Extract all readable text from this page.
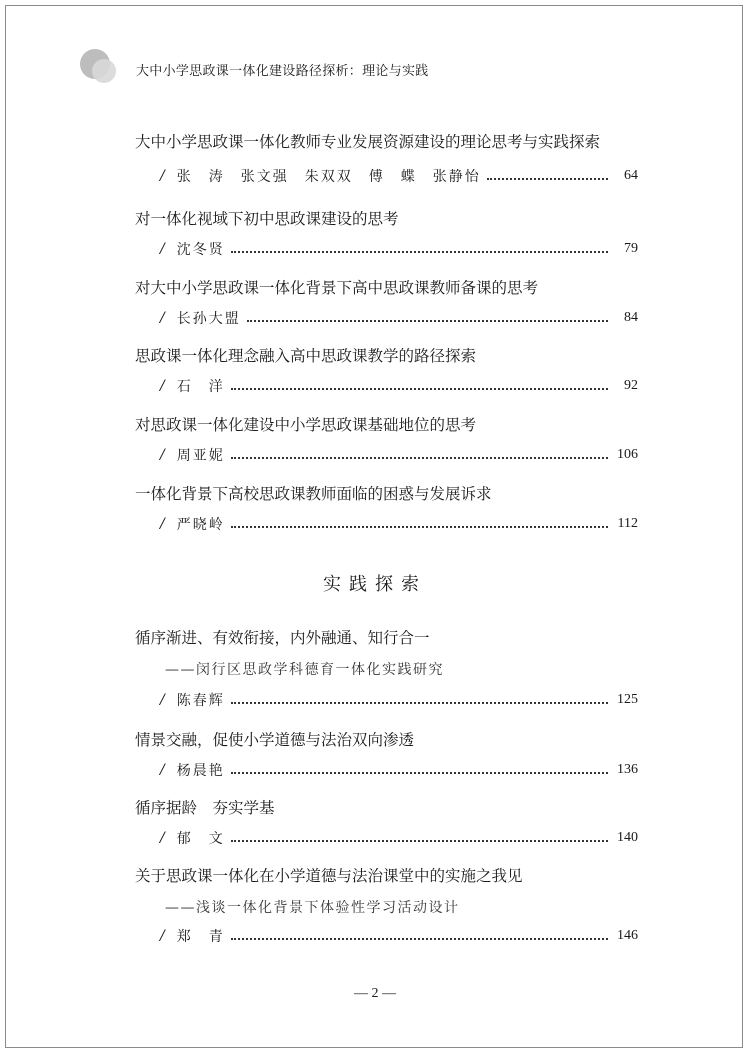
大中小学思政课一体化建设路径探析：理论与实践
大中小学思政课一体化教师专业发展资源建设的理论思考与实践探索
/ 张　涛　张文强　朱双双　傅　蝶　张静怡	64
对一体化视域下初中思政课建设的思考
/ 沈冬贤	79
对大中小学思政课一体化背景下高中思政课教师备课的思考
/ 长孙大盟	84
思政课一体化理念融入高中思政课教学的路径探索
/ 石　洋	92
对思政课一体化建设中小学思政课基础地位的思考
/ 周亚妮	106
一体化背景下高校思政课教师面临的困惑与发展诉求
/ 严晓岭	112
实践探索
循序渐进、有效衔接，内外融通、知行合一
——闵行区思政学科德育一体化实践研究
/ 陈春辉	125
情景交融，促使小学道德与法治双向渗透
/ 杨晨艳	136
循序据龄　夯实学基
/ 郁　文	140
关于思政课一体化在小学道德与法治课堂中的实施之我见
——浅谈一体化背景下体验性学习活动设计
/ 郑　青	146
— 2 —
